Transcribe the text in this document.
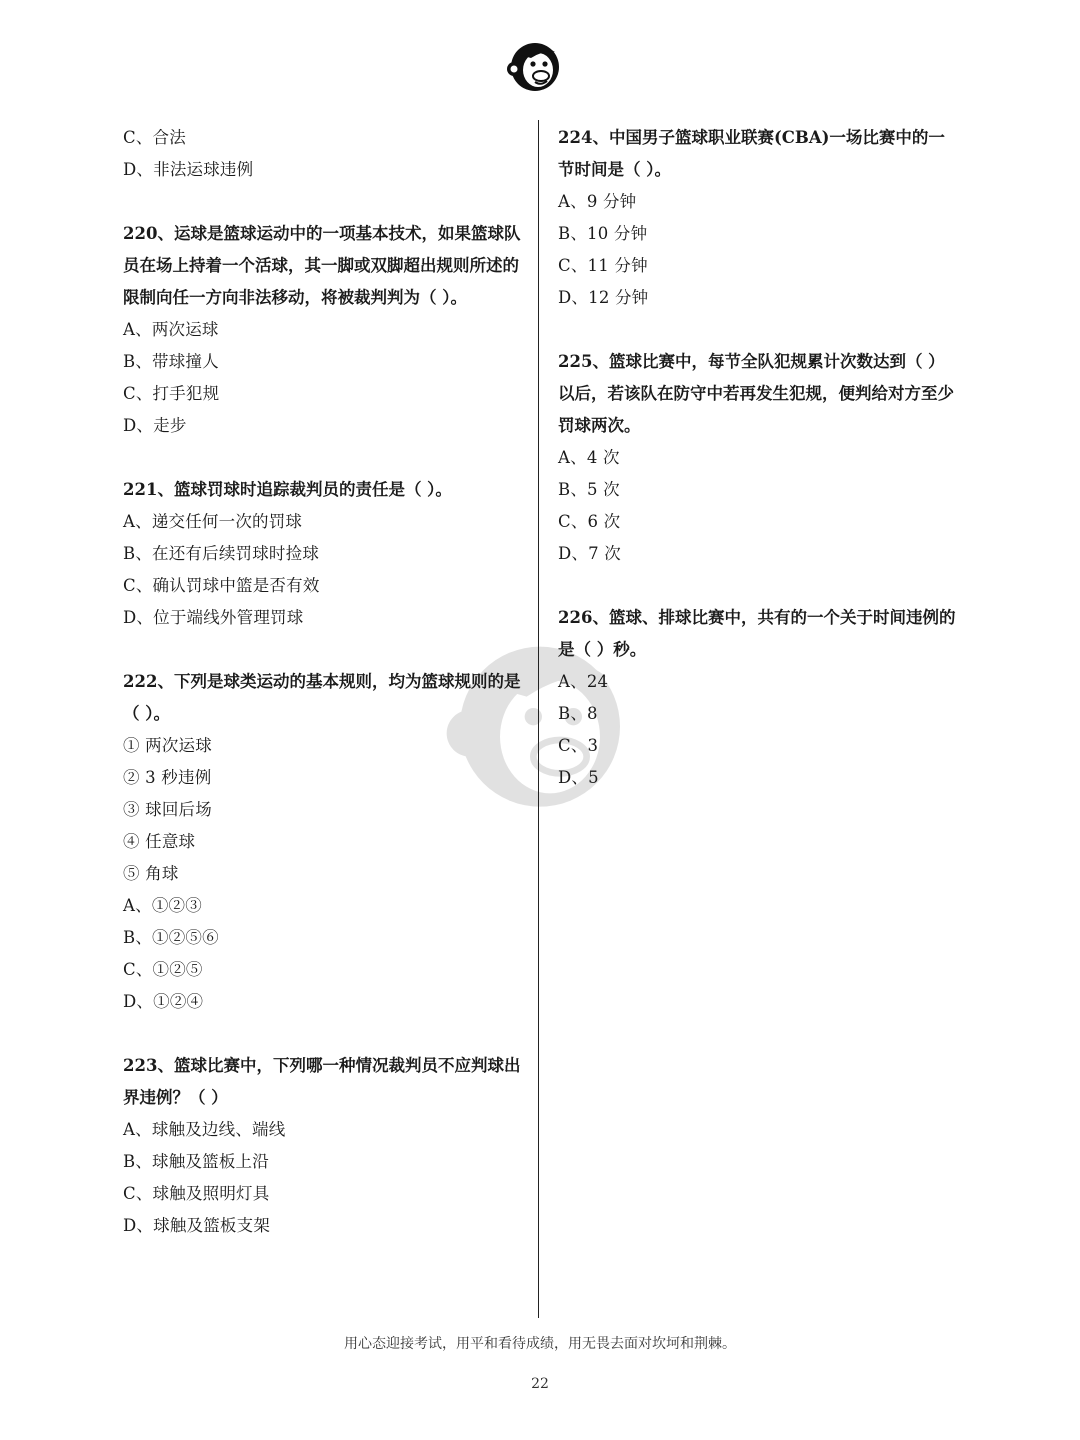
C、合法
D、非法运球违例
220、运球是篮球运动中的一项基本技术，如果篮球队员在场上持着一个活球，其一脚或双脚超出规则所述的限制向任一方向非法移动，将被裁判判为（ ）。
A、两次运球
B、带球撞人
C、打手犯规
D、走步
221、篮球罚球时追踪裁判员的责任是（ ）。
A、递交任何一次的罚球
B、在还有后续罚球时捡球
C、确认罚球中篮是否有效
D、位于端线外管理罚球
222、下列是球类运动的基本规则，均为篮球规则的是（ ）。
① 两次运球
② 3 秒违例
③ 球回后场
④ 任意球
⑤ 角球
A、①②③
B、①②⑤⑥
C、①②⑤
D、①②④
223、篮球比赛中，下列哪一种情况裁判员不应判球出界违例？（ ）
A、球触及边线、端线
B、球触及篮板上沿
C、球触及照明灯具
D、球触及篮板支架
224、中国男子篮球职业联赛(CBA)一场比赛中的一节时间是（ ）。
A、9 分钟
B、10 分钟
C、11 分钟
D、12 分钟
225、篮球比赛中，每节全队犯规累计次数达到（ ）以后，若该队在防守中若再发生犯规，便判给对方至少罚球两次。
A、4 次
B、5 次
C、6 次
D、7 次
226、篮球、排球比赛中，共有的一个关于时间违例的是（ ）秒。
A、24
B、8
C、3
D、5
用心态迎接考试，用平和看待成绩，用无畏去面对坎坷和荆棘。
22
